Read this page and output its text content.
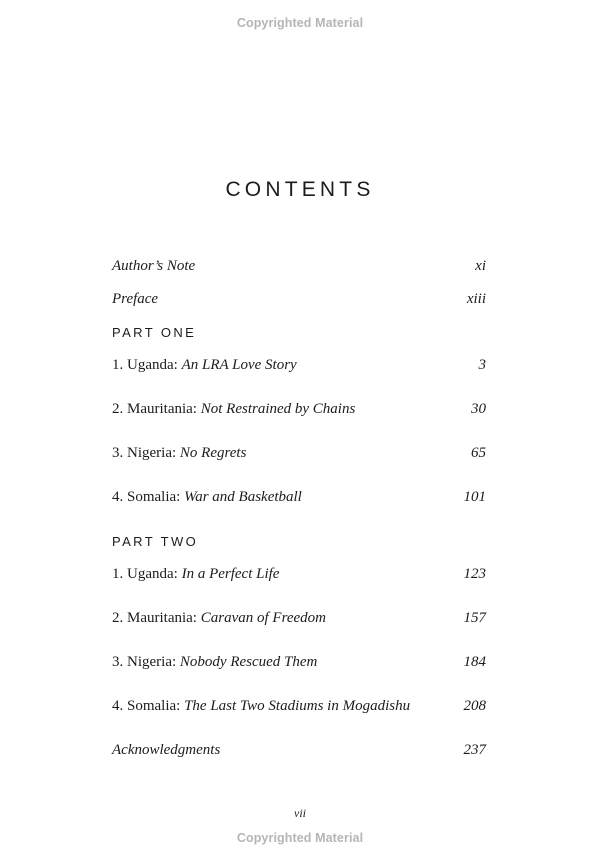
Copyrighted Material
CONTENTS
Author’s Note	xi
Preface	xiii
PART ONE
1. Uganda: An LRA Love Story	3
2. Mauritania: Not Restrained by Chains	30
3. Nigeria: No Regrets	65
4. Somalia: War and Basketball	101
PART TWO
1. Uganda: In a Perfect Life	123
2. Mauritania: Caravan of Freedom	157
3. Nigeria: Nobody Rescued Them	184
4. Somalia: The Last Two Stadiums in Mogadishu	208
Acknowledgments	237
vii
Copyrighted Material
